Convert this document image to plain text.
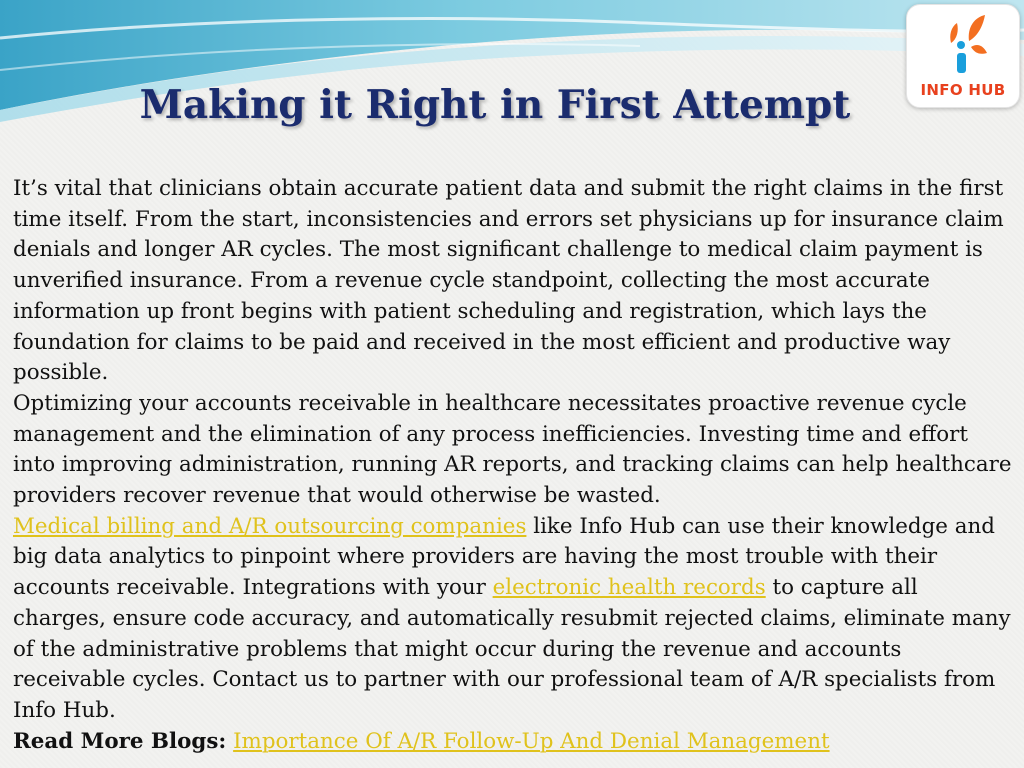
INFO HUB
Making it Right in First Attempt

It’s vital that clinicians obtain accurate patient data and submit the right claims in the first time itself. From the start, inconsistencies and errors set physicians up for insurance claim denials and longer AR cycles. The most significant challenge to medical claim payment is unverified insurance. From a revenue cycle standpoint, collecting the most accurate information up front begins with patient scheduling and registration, which lays the foundation for claims to be paid and received in the most efficient and productive way possible.

Optimizing your accounts receivable in healthcare necessitates proactive revenue cycle management and the elimination of any process inefficiencies. Investing time and effort into improving administration, running AR reports, and tracking claims can help healthcare providers recover revenue that would otherwise be wasted.

Medical billing and A/R outsourcing companies like Info Hub can use their knowledge and big data analytics to pinpoint where providers are having the most trouble with their accounts receivable. Integrations with your electronic health records to capture all charges, ensure code accuracy, and automatically resubmit rejected claims, eliminate many of the administrative problems that might occur during the revenue and accounts receivable cycles. Contact us to partner with our professional team of A/R specialists from Info Hub.

Read More Blogs: Importance Of A/R Follow-Up And Denial Management
